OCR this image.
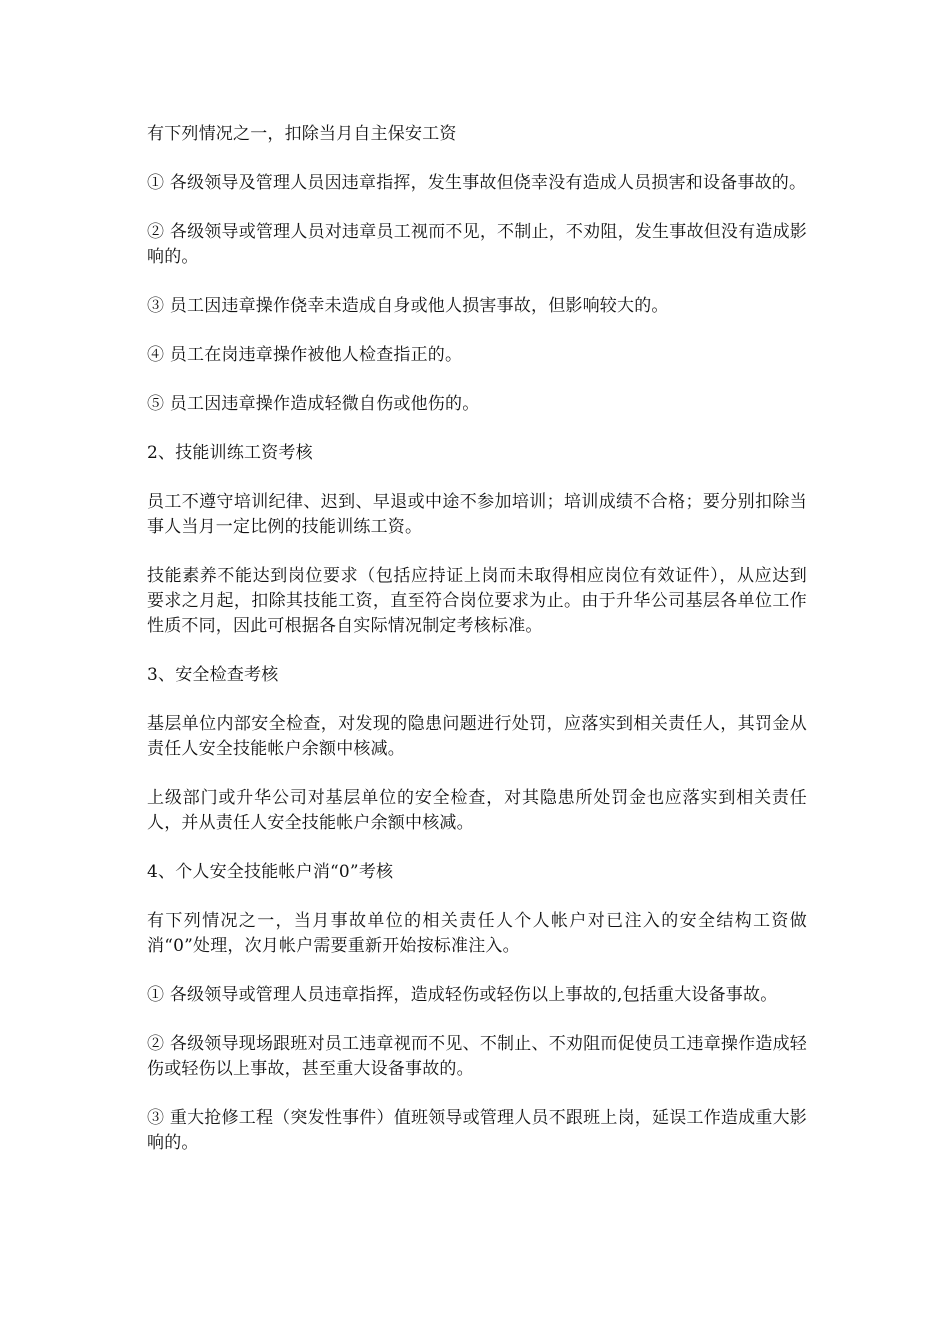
有下列情况之一，扣除当月自主保安工资

① 各级领导及管理人员因违章指挥，发生事故但侥幸没有造成人员损害和设备事故的。

② 各级领导或管理人员对违章员工视而不见，不制止，不劝阻，发生事故但没有造成影响的。

③ 员工因违章操作侥幸未造成自身或他人损害事故，但影响较大的。

④ 员工在岗违章操作被他人检查指正的。

⑤ 员工因违章操作造成轻微自伤或他伤的。

2、技能训练工资考核

员工不遵守培训纪律、迟到、早退或中途不参加培训；培训成绩不合格；要分别扣除当事人当月一定比例的技能训练工资。

技能素养不能达到岗位要求（包括应持证上岗而未取得相应岗位有效证件），从应达到要求之月起，扣除其技能工资，直至符合岗位要求为止。由于升华公司基层各单位工作性质不同，因此可根据各自实际情况制定考核标准。

3、安全检查考核

基层单位内部安全检查，对发现的隐患问题进行处罚，应落实到相关责任人，其罚金从责任人安全技能帐户余额中核减。

上级部门或升华公司对基层单位的安全检查，对其隐患所处罚金也应落实到相关责任人，并从责任人安全技能帐户余额中核减。

4、个人安全技能帐户消“0”考核

有下列情况之一，当月事故单位的相关责任人个人帐户对已注入的安全结构工资做消“0”处理，次月帐户需要重新开始按标准注入。

① 各级领导或管理人员违章指挥，造成轻伤或轻伤以上事故的,包括重大设备事故。

② 各级领导现场跟班对员工违章视而不见、不制止、不劝阻而促使员工违章操作造成轻伤或轻伤以上事故，甚至重大设备事故的。

③ 重大抢修工程（突发性事件）值班领导或管理人员不跟班上岗，延误工作造成重大影响的。
